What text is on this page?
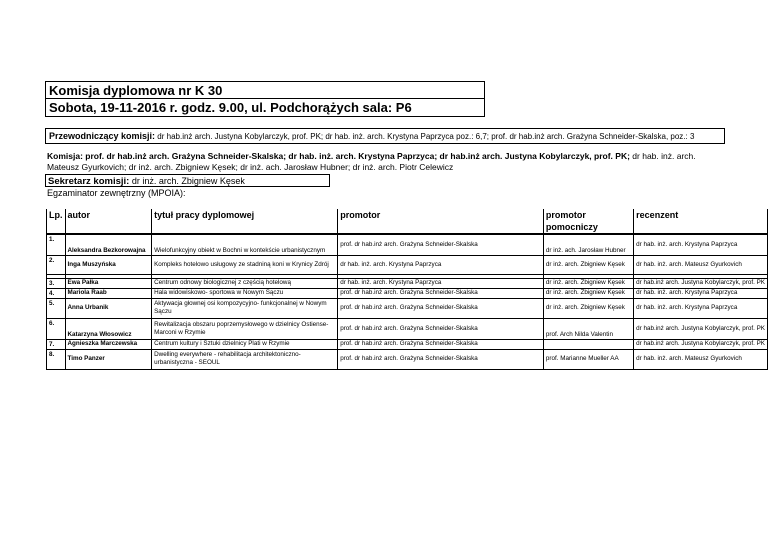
Komisja dyplomowa nr K 30
Sobota, 19-11-2016 r. godz. 9.00, ul. Podchorążych sala: P6
Przewodniczący komisji: dr hab.inż arch. Justyna Kobylarczyk, prof. PK; dr hab. inż. arch. Krystyna Paprzyca poz.: 6,7; prof. dr hab.inż arch. Grażyna Schneider-Skalska, poz.: 3
Komisja: prof. dr hab.inż arch. Grażyna Schneider-Skalska; dr hab. inż. arch. Krystyna Paprzyca; dr hab.inż arch. Justyna Kobylarczyk, prof. PK; dr hab. inż. arch. Mateusz Gyurkovich; dr inż. arch. Zbigniew Kęsek; dr inż. ach. Jarosław Hubner; dr inż. arch. Piotr Celewicz
Sekretarz komisji: dr inż. arch. Zbigniew Kęsek
Egzaminator zewnętrzny (MPOIA):
Lp.	autor	tytuł pracy dyplomowej	promotor		promotor pomocniczy	recenzent
1.	Aleksandra Bezkorowajna	Wielofunkcyjny obiekt w Bochni w kontekście urbanistycznym	prof. dr hab.inż arch. Grażyna Schneider-Skalska		dr inż. ach. Jarosław Hubner	dr hab. inż. arch. Krystyna Paprzyca
2.	Inga Muszyńska	Kompleks hotelowo usługowy ze stadniną koni w Krynicy Zdrój	dr hab. inż. arch. Krystyna Paprzyca		dr inż. arch. Zbigniew Kęsek	dr hab. inż. arch. Mateusz Gyurkovich

3.	Ewa Pałka	Centrum odnowy biologicznej z częścią hotelową	dr hab. inż. arch. Krystyna Paprzyca		dr inż. arch. Zbigniew Kęsek	dr hab.inż arch. Justyna Kobylarczyk, prof. PK
4.	Mariola Raab	Hala widowiskowo- sportowa w Nowym Sączu	prof. dr hab.inż arch. Grażyna Schneider-Skalska		dr inż. arch. Zbigniew Kęsek	dr hab. inż. arch. Krystyna Paprzyca
5.	Anna Urbanik	Aktywacja głownej osi kompozycyjno- funkcjonalnej w Nowym Sączu	prof. dr hab.inż arch. Grażyna Schneider-Skalska		dr inż. arch. Zbigniew Kęsek	dr hab. inż. arch. Krystyna Paprzyca
6.	Katarzyna Włosowicz	Rewitalizacja obszaru poprzemysłowego w dzielnicy Ostiense-Marconi w Rzymie	prof. dr hab.inż arch. Grażyna Schneider-Skalska		prof. Arch Nilda Valentin	dr hab.inż arch. Justyna Kobylarczyk, prof. PK
7.	Agnieszka Marczewska	Centrum kultury i Sztuki dzielnicy Plati w Rzymie	prof. dr hab.inż arch. Grażyna Schneider-Skalska			dr hab.inż arch. Justyna Kobylarczyk, prof. PK
8.	Timo Panzer	Dwelling everywhere - rehabilitacja architektoniczno-urbanistyczna - SEOUL	prof. dr hab.inż arch. Grażyna Schneider-Skalska		prof. Marianne Mueller AA	dr hab. inż. arch. Mateusz Gyurkovich
